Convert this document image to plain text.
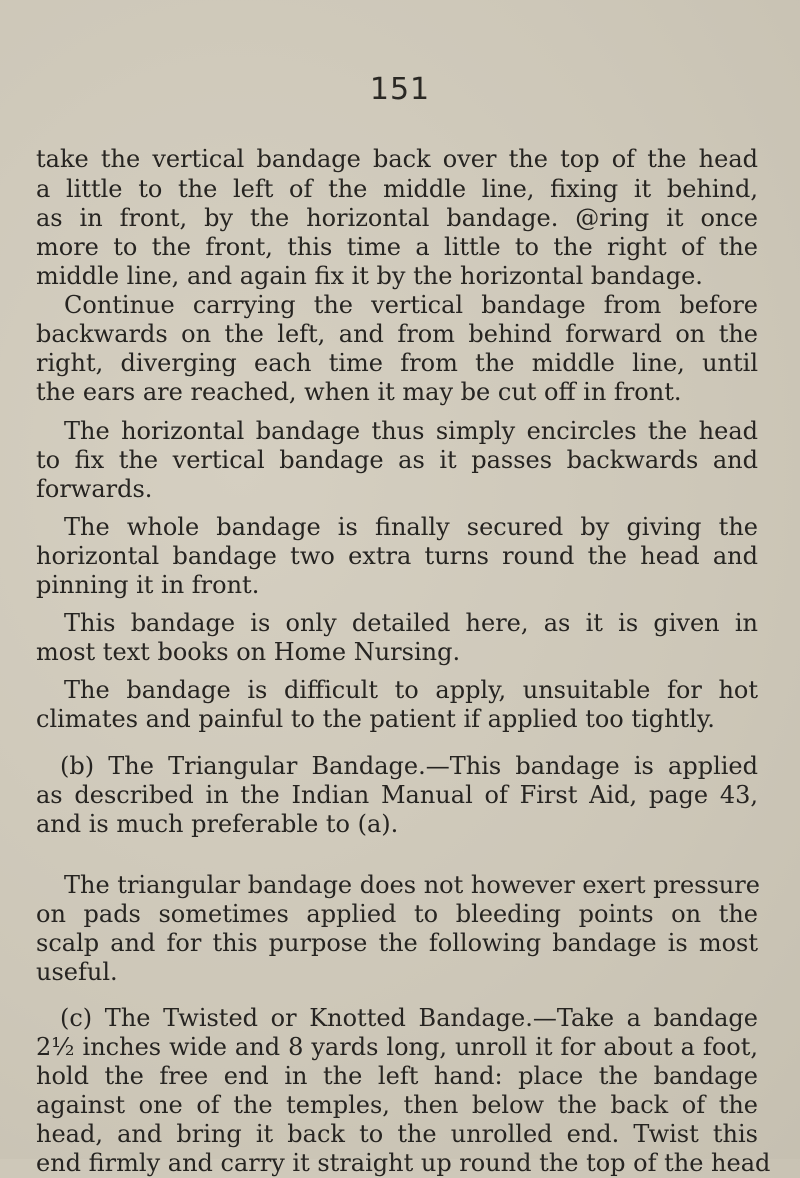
151
take the vertical bandage back over the top of the head
a little to the left of the middle line, fixing it behind,
as in front, by the horizontal bandage. @ring it once
more to the front, this time a little to the right of the
middle line, and again fix it by the horizontal bandage.
Continue carrying the vertical bandage from before
backwards on the left, and from behind forward on the
right, diverging each time from the middle line, until
the ears are reached, when it may be cut off in front.
The horizontal bandage thus simply encircles the head
to fix the vertical bandage as it passes backwards and
forwards.
The whole bandage is finally secured by giving the
horizontal bandage two extra turns round the head and
pinning it in front.
This bandage is only detailed here, as it is given in
most text books on Home Nursing.
The bandage is difficult to apply, unsuitable for hot
climates and painful to the patient if applied too tightly.
(b) The Triangular Bandage.—This bandage is applied
as described in the Indian Manual of First Aid, page 43,
and is much preferable to (a).
The triangular bandage does not however exert pressure
on pads sometimes applied to bleeding points on the
scalp and for this purpose the following bandage is most
useful.
(c) The Twisted or Knotted Bandage.—Take a bandage
2½ inches wide and 8 yards long, unroll it for about a foot,
hold the free end in the left hand: place the bandage
against one of the temples, then below the back of the
head, and bring it back to the unrolled end. Twist this
end firmly and carry it straight up round the top of the head
